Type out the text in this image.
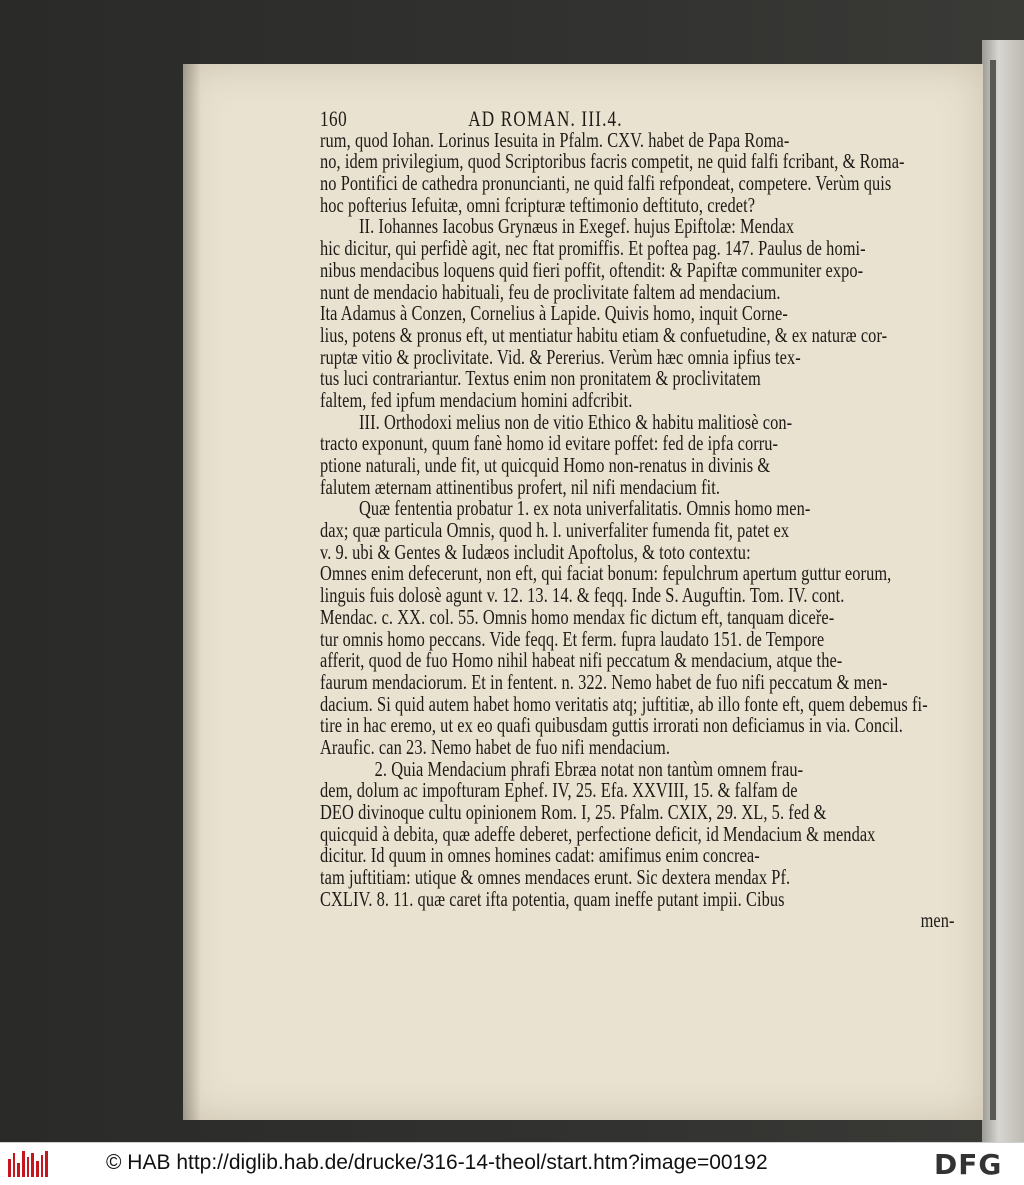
160	AD ROMAN. III.4.
rum, quod Iohan. Lorinus Iesuita in Pfalm. CXV. habet de Papa Roma-
no, idem privilegium, quod Scriptoribus facris competit, ne quid falfi fcribant, & Roma-
no Pontifici de cathedra pronuncianti, ne quid falfi refpondeat, competere. Verùm quis
hoc pofterius Iefuitæ, omni fcripturæ teftimonio deftituto, credet?
II. Iohannes Iacobus Grynæus in Exegef. hujus Epiftolæ: Mendax
hic dicitur, qui perfidè agit, nec ftat promiffis. Et poftea pag. 147. Paulus de homi-
nibus mendacibus loquens quid fieri poffit, oftendit: & Papiftæ communiter expo-
nunt de mendacio habituali, feu de proclivitate faltem ad mendacium.
Ita Adamus à Conzen, Cornelius à Lapide. Quivis homo, inquit Corne-
lius, potens & pronus eft, ut mentiatur habitu etiam & confuetudine, & ex naturæ cor-
ruptæ vitio & proclivitate. Vid. & Pererius. Verùm hæc omnia ipfius tex-
tus luci contrariantur. Textus enim non pronitatem & proclivitatem
faltem, fed ipfum mendacium homini adfcribit.
III. Orthodoxi melius non de vitio Ethico & habitu malitiosè con-
tracto exponunt, quum fanè homo id evitare poffet: fed de ipfa corru-
ptione naturali, unde fit, ut quicquid Homo non-renatus in divinis &
falutem æternam attinentibus profert, nil nifi mendacium fit.
Quæ fententia probatur 1. ex nota univerfalitatis. Omnis homo men-
dax; quæ particula Omnis, quod h. l. univerfaliter fumenda fit, patet ex
v. 9. ubi & Gentes & Iudæos includit Apoftolus, & toto contextu:
Omnes enim defecerunt, non eft, qui faciat bonum: fepulchrum apertum guttur eorum,
linguis fuis dolosè agunt v. 12. 13. 14. & feqq. Inde S. Auguftin. Tom. IV. cont.
Mendac. c. XX. col. 55. Omnis homo mendax fic dictum eft, tanquam diceře-
tur omnis homo peccans. Vide feqq. Et ferm. fupra laudato 151. de Tempore
afferit, quod de fuo Homo nihil habeat nifi peccatum & mendacium, atque the-
faurum mendaciorum. Et in fentent. n. 322. Nemo habet de fuo nifi peccatum & men-
dacium. Si quid autem habet homo veritatis atq; juftitiæ, ab illo fonte eft, quem debemus fi-
tire in hac eremo, ut ex eo quafi quibusdam guttis irrorati non deficiamus in via. Concil.
Araufic. can 23. Nemo habet de fuo nifi mendacium.
2. Quia Mendacium phrafi Ebræa notat non tantùm omnem frau-
dem, dolum ac impofturam Ephef. IV, 25. Efa. XXVIII, 15. & falfam de
DEO divinoque cultu opinionem Rom. I, 25. Pfalm. CXIX, 29. XL, 5. fed &
quicquid à debita, quæ adeffe deberet, perfectione deficit, id Mendacium & mendax
dicitur. Id quum in omnes homines cadat: amifimus enim concrea-
tam juftitiam: utique & omnes mendaces erunt. Sic dextera mendax Pf.
CXLIV. 8. 11. quæ caret ifta potentia, quam ineffe putant impii. Cibus
men-
© HAB http://diglib.hab.de/drucke/316-14-theol/start.htm?image=00192	DFG
